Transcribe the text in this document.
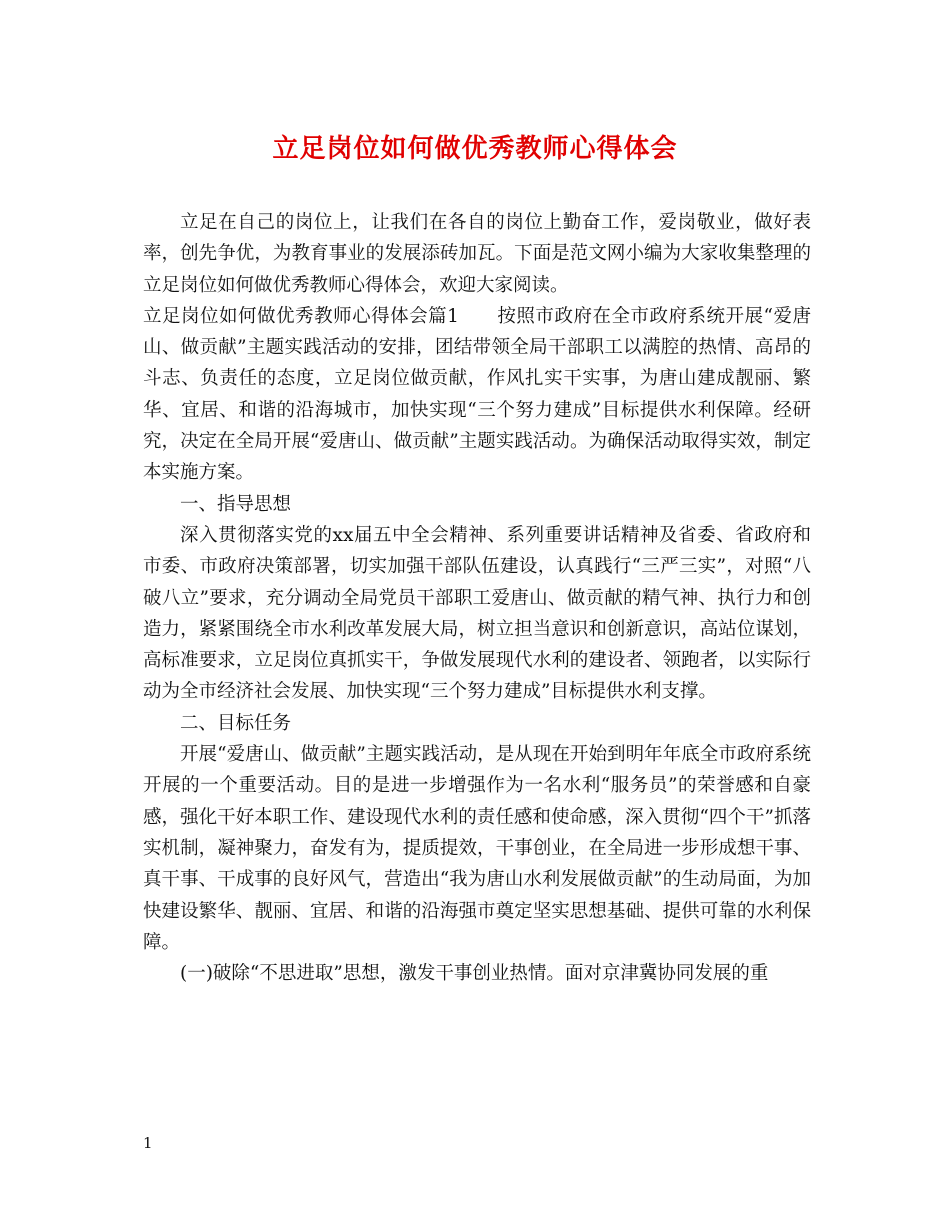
立足岗位如何做优秀教师心得体会

立足在自己的岗位上，让我们在各自的岗位上勤奋工作，爱岗敬业，做好表率，创先争优，为教育事业的发展添砖加瓦。下面是范文网小编为大家收集整理的立足岗位如何做优秀教师心得体会，欢迎大家阅读。

立足岗位如何做优秀教师心得体会篇1　　按照市政府在全市政府系统开展“爱唐山、做贡献”主题实践活动的安排，团结带领全局干部职工以满腔的热情、高昂的斗志、负责任的态度，立足岗位做贡献，作风扎实干实事，为唐山建成靓丽、繁华、宜居、和谐的沿海城市，加快实现“三个努力建成”目标提供水利保障。经研究，决定在全局开展“爱唐山、做贡献”主题实践活动。为确保活动取得实效，制定本实施方案。

一、指导思想

深入贯彻落实党的xx届五中全会精神、系列重要讲话精神及省委、省政府和市委、市政府决策部署，切实加强干部队伍建设，认真践行“三严三实”，对照“八破八立”要求，充分调动全局党员干部职工爱唐山、做贡献的精气神、执行力和创造力，紧紧围绕全市水利改革发展大局，树立担当意识和创新意识，高站位谋划，高标准要求，立足岗位真抓实干，争做发展现代水利的建设者、领跑者，以实际行动为全市经济社会发展、加快实现“三个努力建成”目标提供水利支撑。

二、目标任务

开展“爱唐山、做贡献”主题实践活动，是从现在开始到明年年底全市政府系统开展的一个重要活动。目的是进一步增强作为一名水利“服务员”的荣誉感和自豪感，强化干好本职工作、建设现代水利的责任感和使命感，深入贯彻“四个干”抓落实机制，凝神聚力，奋发有为，提质提效，干事创业，在全局进一步形成想干事、真干事、干成事的良好风气，营造出“我为唐山水利发展做贡献”的生动局面，为加快建设繁华、靓丽、宜居、和谐的沿海强市奠定坚实思想基础、提供可靠的水利保障。

(一)破除“不思进取”思想，激发干事创业热情。面对京津冀协同发展的重

1
